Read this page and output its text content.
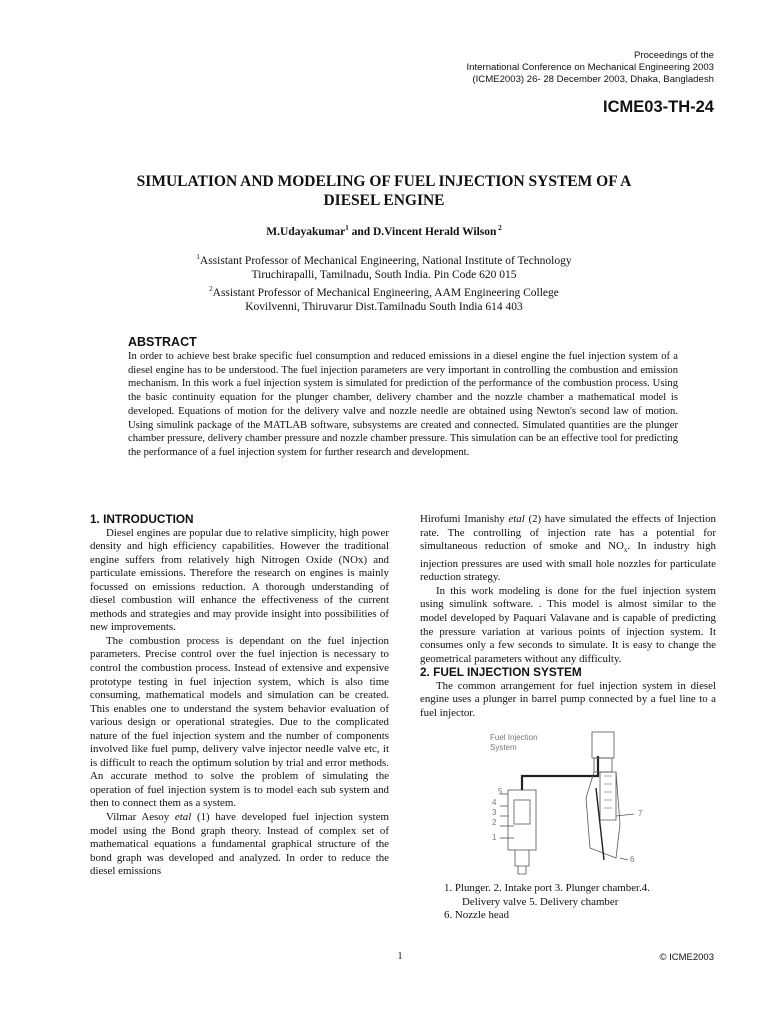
Proceedings of the
International Conference on Mechanical Engineering 2003
(ICME2003) 26- 28 December 2003, Dhaka, Bangladesh
ICME03-TH-24
SIMULATION AND MODELING OF FUEL INJECTION SYSTEM OF A
DIESEL ENGINE
M.Udayakumar$^1$ and D.Vincent Herald Wilson $^2$
$^1$Assistant Professor of Mechanical Engineering, National Institute of Technology
Tiruchirapalli, Tamilnadu, South India. Pin Code 620 015
$^2$Assistant Professor of Mechanical Engineering, AAM Engineering College
Kovilvenni, Thiruvarur Dist.Tamilnadu South India 614 403
ABSTRACT
In order to achieve best brake specific fuel consumption and reduced emissions in a diesel engine the fuel injection system of a diesel engine has to be understood. The fuel injection parameters are very important in controlling the combustion and emission mechanism. In this work a fuel injection system is simulated for prediction of the performance of the combustion process. Using the basic continuity equation for the plunger chamber, delivery chamber and the nozzle chamber a mathematical model is developed. Equations of motion for the delivery valve and nozzle needle are obtained using Newton's second law of motion. Using simulink package of the MATLAB software, subsystems are created and connected. Simulated quantities are the plunger chamber pressure, delivery chamber pressure and nozzle chamber pressure. This simulation can be an effective tool for predicting the performance of a fuel injection system for further research and development.
1. INTRODUCTION

Diesel engines are popular due to relative simplicity, high power density and high efficiency capabilities. However the traditional engine suffers from relatively high Nitrogen Oxide (NOx) and particulate emissions. Therefore the research on engines is mainly focussed on emissions reduction. A thorough understanding of diesel combustion will enhance the effectiveness of the current methods and strategies and may provide insight into possibilities of new improvements.

The combustion process is dependant on the fuel injection parameters. Precise control over the fuel injection is necessary to control the combustion process. Instead of extensive and expensive prototype testing in fuel injection system, which is also time consuming, mathematical models and simulation can be created. This enables one to understand the system behavior evaluation of various design or operational strategies. Due to the complicated nature of the fuel injection system and the number of components involved like fuel pump, delivery valve injector needle valve etc, it is difficult to reach the optimum solution by trial and error methods. An accurate method to solve the problem of simulating the operation of fuel injection system is to model each sub system and then to connect them as a system.

Vilmar Aesoy etal (1) have developed fuel injection system model using the Bond graph theory. Instead of complex set of mathematical equations a fundamental graphical structure of the bond graph was developed and analyzed. In order to reduce the diesel emissions

Hirofumi Imanishy etal (2) have simulated the effects of Injection rate. The controlling of injection rate has a potential for simultaneous reduction of smoke and $NO_x$. In industry high injection pressures are used with small hole nozzles for particulate reduction strategy.

In this work modeling is done for the fuel injection system using simulink software. . This model is almost similar to the model developed by Paquari Valavane and is capable of predicting the pressure variation at various points of injection system. It consumes only a few seconds to simulate. It is easy to change the geometrical parameters without any difficulty.

2. FUEL INJECTION SYSTEM

The common arrangement for fuel injection system in diesel engine uses a plunger in barrel pump connected by a fuel line to a fuel injector.

Fuel Injection
System
5
4
3
2
1
7
6
1. Plunger. 2. Intake port 3. Plunger chamber.4.
Delivery valve 5. Delivery chamber
6. Nozzle head
1	© ICME2003
